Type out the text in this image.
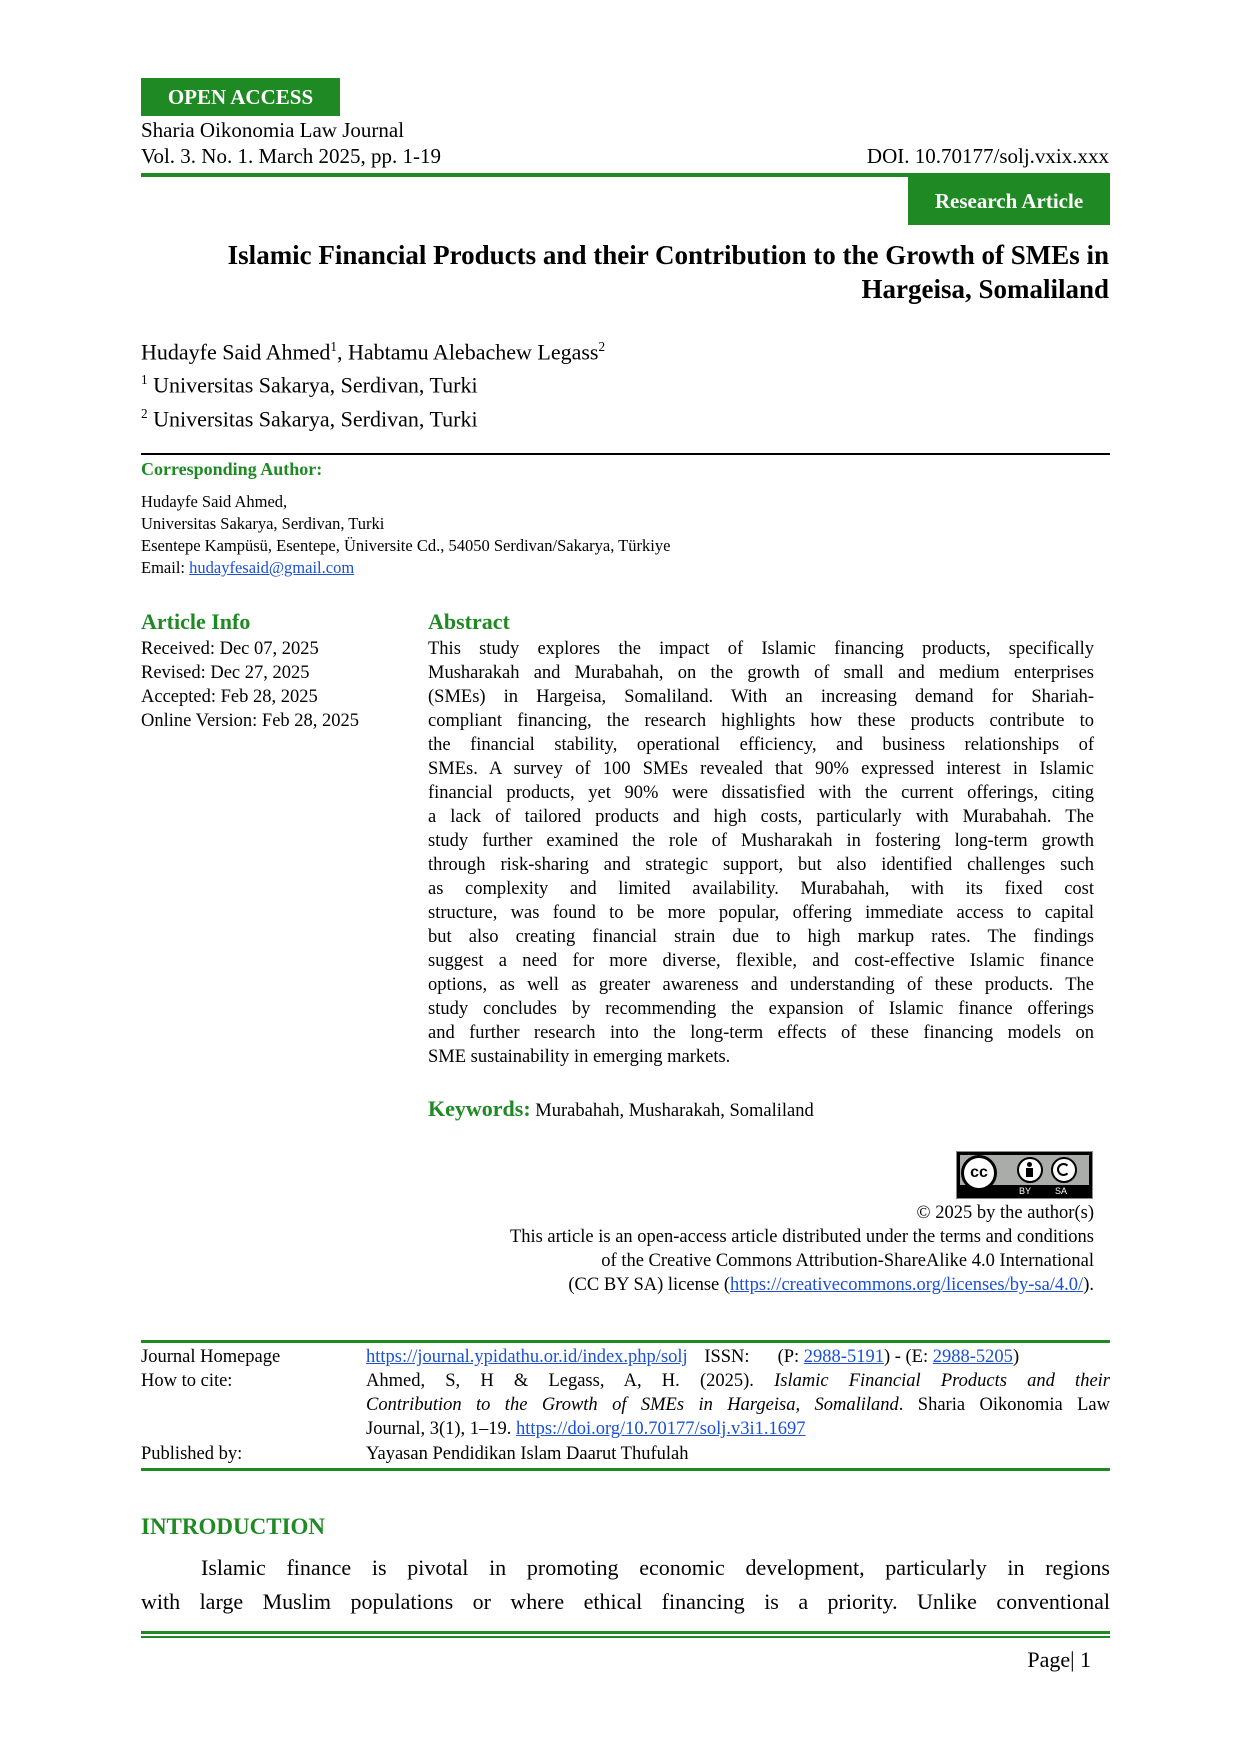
OPEN ACCESS
Sharia Oikonomia Law Journal
Vol. 3. No. 1. March 2025, pp. 1-19	DOI. 10.70177/solj.vxix.xxx
Research Article
Islamic Financial Products and their Contribution to the Growth of SMEs in
Hargeisa, Somaliland
Hudayfe Said Ahmed$^1$, Habtamu Alebachew Legass$^2$
$^1$ Universitas Sakarya, Serdivan, Turki
$^2$ Universitas Sakarya, Serdivan, Turki
Corresponding Author:
Hudayfe Said Ahmed,
Universitas Sakarya, Serdivan, Turki
Esentepe Kampüsü, Esentepe, Üniversite Cd., 54050 Serdivan/Sakarya, Türkiye
Email: hudayfesaid@gmail.com
Article Info
Received: Dec 07, 2025
Revised: Dec 27, 2025
Accepted: Feb 28, 2025
Online Version: Feb 28, 2025
Abstract
This study explores the impact of Islamic financing products, specifically
Musharakah and Murabahah, on the growth of small and medium enterprises
(SMEs) in Hargeisa, Somaliland. With an increasing demand for Shariah-
compliant financing, the research highlights how these products contribute to
the financial stability, operational efficiency, and business relationships of
SMEs. A survey of 100 SMEs revealed that 90% expressed interest in Islamic
financial products, yet 90% were dissatisfied with the current offerings, citing
a lack of tailored products and high costs, particularly with Murabahah. The
study further examined the role of Musharakah in fostering long-term growth
through risk-sharing and strategic support, but also identified challenges such
as complexity and limited availability. Murabahah, with its fixed cost
structure, was found to be more popular, offering immediate access to capital
but also creating financial strain due to high markup rates. The findings
suggest a need for more diverse, flexible, and cost-effective Islamic finance
options, as well as greater awareness and understanding of these products. The
study concludes by recommending the expansion of Islamic finance offerings
and further research into the long-term effects of these financing models on
SME sustainability in emerging markets.
Keywords: Murabahah, Musharakah, Somaliland
cc
BY	SA
© 2025 by the author(s)
This article is an open-access article distributed under the terms and conditions
of the Creative Commons Attribution-ShareAlike 4.0 International
(CC BY SA) license (https://creativecommons.org/licenses/by-sa/4.0/).
Journal Homepage	https://journal.ypidathu.or.id/index.php/solj ISSN: (P: 2988-5191) - (E: 2988-5205)
How to cite:	Ahmed, S, H & Legass, A, H. (2025). Islamic Financial Products and their
Contribution to the Growth of SMEs in Hargeisa, Somaliland. Sharia Oikonomia Law
Journal, 3(1), 1–19. https://doi.org/10.70177/solj.v3i1.1697
Published by:	Yayasan Pendidikan Islam Daarut Thufulah
INTRODUCTION
Islamic finance is pivotal in promoting economic development, particularly in regions
with large Muslim populations or where ethical financing is a priority. Unlike conventional
Page| 1
